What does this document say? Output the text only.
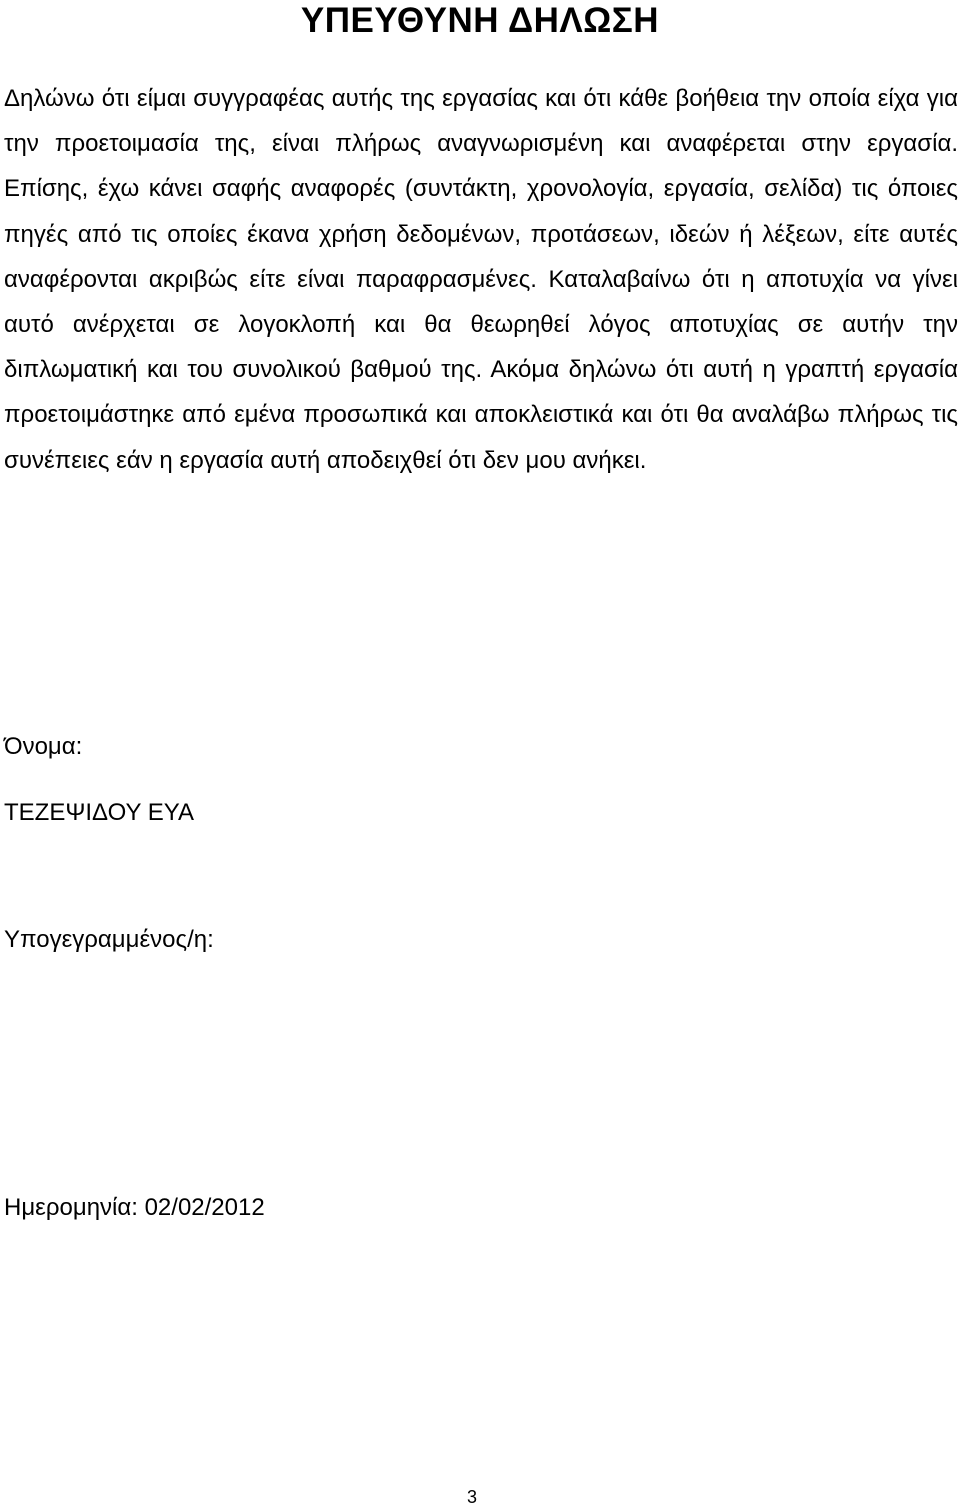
ΥΠΕΥΘΥΝΗ ΔΗΛΩΣΗ

Δηλώνω ότι είμαι συγγραφέας αυτής της εργασίας και ότι κάθε βοήθεια την οποία είχα για την προετοιμασία της, είναι πλήρως αναγνωρισμένη και αναφέρεται στην εργασία. Επίσης, έχω κάνει σαφής αναφορές (συντάκτη, χρονολογία, εργασία, σελίδα) τις όποιες πηγές από τις οποίες έκανα χρήση δεδομένων, προτάσεων, ιδεών ή λέξεων, είτε αυτές αναφέρονται ακριβώς είτε είναι παραφρασμένες. Καταλαβαίνω ότι η αποτυχία να γίνει αυτό ανέρχεται σε λογοκλοπή και θα θεωρηθεί λόγος αποτυχίας σε αυτήν την διπλωματική και του συνολικού βαθμού της. Ακόμα δηλώνω ότι αυτή η γραπτή εργασία προετοιμάστηκε από εμένα προσωπικά και αποκλειστικά και ότι θα αναλάβω πλήρως τις συνέπειες εάν η εργασία αυτή αποδειχθεί ότι δεν μου ανήκει.

Όνομα:

ΤΕΖΕΨΙΔΟΥ ΕΥΑ

Υπογεγραμμένος/η:

Ημερομηνία: 02/02/2012

3
